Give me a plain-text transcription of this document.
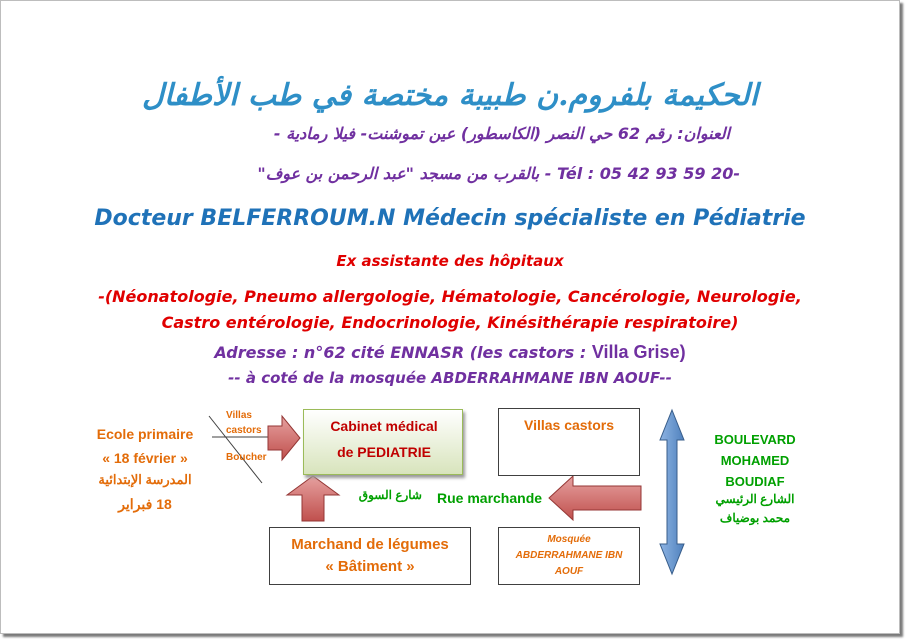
الحكيمة بلفروم.ن طبيبة مختصة في طب الأطفال
العنوان: رقم 62 حي النصر (الكاسطور) عين تموشنت- فيلا رمادية -
-Tél : 05 42 93 59 20 - بالقرب من مسجد "عبد الرحمن بن عوف"
Docteur BELFERROUM.N Médecin spécialiste en Pédiatrie
Ex assistante des hôpitaux
-(Néonatologie, Pneumo allergologie, Hématologie, Cancérologie, Neurologie,
Castro entérologie, Endocrinologie, Kinésithérapie respiratoire)
Adresse : n°62 cité ENNASR (les castors : Villa Grise)
-- à coté de la mosquée ABDERRAHMANE IBN AOUF--
Cabinet médical
de PEDIATRIE
Villas castors
Marchand de légumes
« Bâtiment »
Mosquée
ABDERRAHMANE IBN
AOUF
Rue marchande
شارع السوق
Ecole primaire
« 18 février »
المدرسة الإبتدائية
18 فبراير
Villas
castors
Boucher
BOULEVARD
MOHAMED
BOUDIAF
الشارع الرئيسي
محمد بوضياف
